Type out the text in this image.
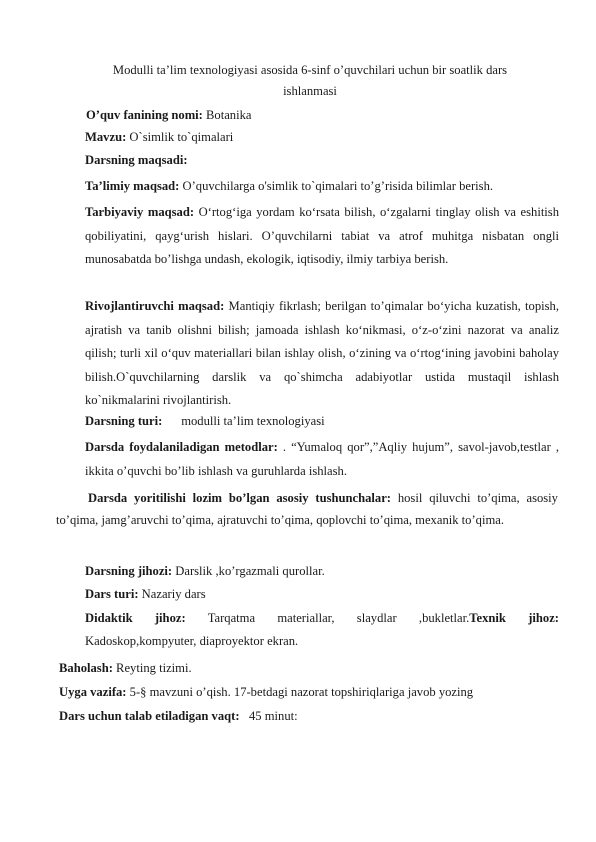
Modulli ta’lim texnologiyasi asosida 6-sinf o’quvchilari uchun bir soatlik dars ishlanmasi

O’quv fanining nomi: Botanika

Mavzu: O`simlik to`qimalari

Darsning maqsadi:

Ta’limiy maqsad: O’quvchilarga o'simlik to`qimalari to’g’risida bilimlar berish.

Tarbiyaviy maqsad: O‘rtog‘iga yordam ko‘rsata bilish, o‘zgalarni tinglay olish va eshitish qobiliyatini, qayg‘urish hislari. O’quvchilarni tabiat va atrof muhitga nisbatan ongli munosabatda bo’lishga undash, ekologik, iqtisodiy, ilmiy tarbiya berish.

Rivojlantiruvchi maqsad: Mantiqiy fikrlash; berilgan to’qimalar bo‘yicha kuzatish, topish, ajratish va tanib olishni bilish; jamoada ishlash ko‘nikmasi, o‘z-o‘zini nazorat va analiz qilish; turli xil o‘quv materiallari bilan ishlay olish, o‘zining va o‘rtog‘ining javobini baholay bilish.O`quvchilarning darslik va qo`shimcha adabiyotlar ustida mustaqil ishlash ko`nikmalarini rivojlantirish.

Darsning turi:      modulli ta’lim texnologiyasi

Darsda foydalaniladigan metodlar: . “Yumaloq qor”,”Aqliy hujum”, savol-javob,testlar , ikkita o’quvchi bo’lib ishlash va guruhlarda ishlash.

Darsda yoritilishi lozim bo’lgan asosiy tushunchalar: hosil qiluvchi to’qima, asosiy to’qima, jamg’aruvchi to’qima, ajratuvchi to’qima, qoplovchi to’qima, mexanik to’qima.

Darsning jihozi: Darslik ,ko’rgazmali qurollar.

Dars turi: Nazariy dars

Didaktik jihoz: Tarqatma materiallar, slaydlar ,bukletlar.Texnik jihoz:

Kadoskop,kompyuter, diaproyektor ekran.

Baholash: Reyting tizimi.

Uyga vazifa: 5-§ mavzuni o’qish. 17-betdagi nazorat topshiriqlariga javob yozing

Dars uchun talab etiladigan vaqt:   45 minut:
